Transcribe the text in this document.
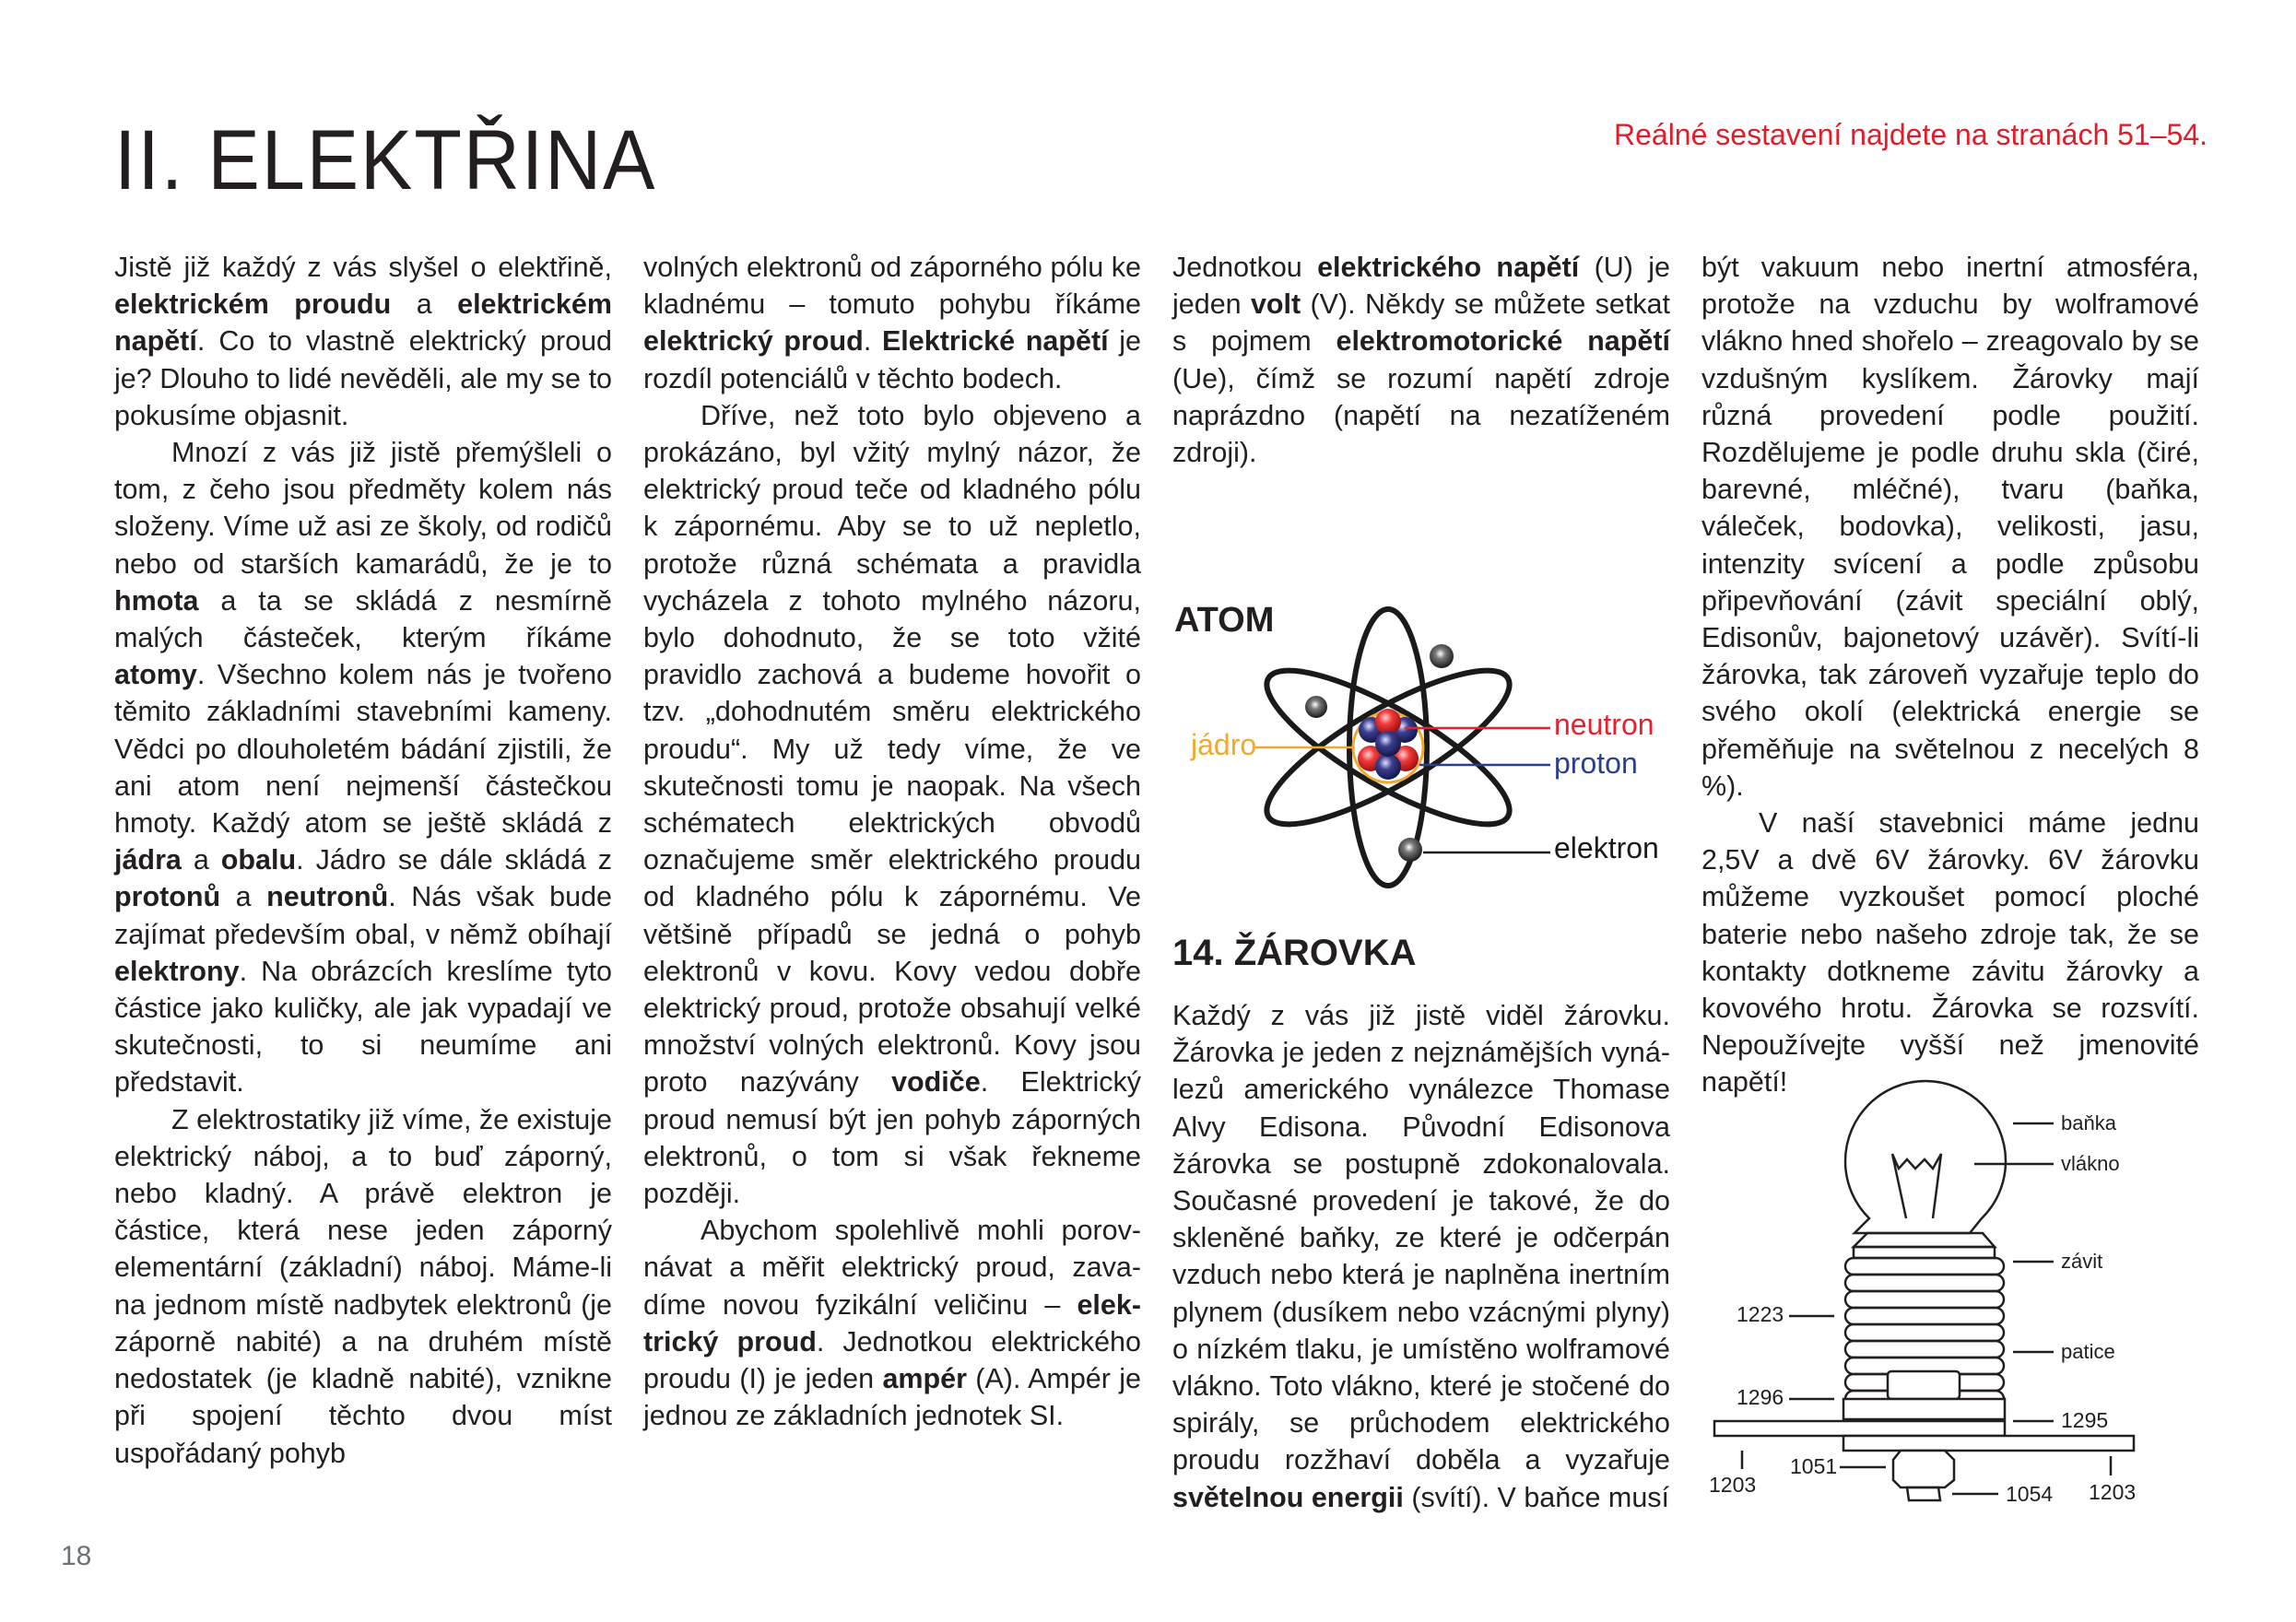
II. ELEKTŘINA	Reálné sestavení najdete na stranách 51–54.

Jistě již každý z vás slyšel o elektřině, elektrickém proudu a elektrickém napětí. Co to vlastně elektrický proud je? Dlouho to lidé nevěděli, ale my se to pokusíme objasnit.

Mnozí z vás již jistě přemýšleli o tom, z čeho jsou předměty kolem nás složeny. Víme už asi ze školy, od rodičů nebo od starších kamarádů, že je to hmota a ta se skládá z nesmírně malých částeček, kterým říkáme atomy. Všechno kolem nás je tvořeno těmito základními stavebními kameny. Vědci po dlouholetém bádání zjistili, že ani atom není nejmenší částečkou hmoty. Každý atom se ještě skládá z jádra a obalu. Jádro se dále skládá z protonů a neutronů. Nás však bude zajímat především obal, v němž obíhají elektrony. Na obrázcích kreslíme tyto částice jako kuličky, ale jak vypadají ve skutečnosti, to si neumíme ani představit.

Z elektrostatiky již víme, že existuje elektrický náboj, a to buď záporný, nebo kladný. A právě elektron je částice, která nese jeden záporný elementární (základní) náboj. Máme-li na jednom místě nadbytek elektronů (je záporně nabité) a na druhém místě nedostatek (je kladně nabité), vznikne při spojení těchto dvou míst uspořádaný pohyb

volných elektronů od záporného pólu ke kladnému – tomuto pohybu říkáme elektrický proud. Elektrické napětí je rozdíl potenciálů v těchto bodech.

Dříve, než toto bylo objeveno a prokázáno, byl vžitý mylný názor, že elektrický proud teče od kladného pólu k zápornému. Aby se to už nepletlo, protože různá schémata a pravidla vycházela z tohoto mylného názoru, bylo dohodnuto, že se toto vžité pravidlo zachová a budeme hovořit o tzv. „dohodnutém směru elektrického proudu“. My už tedy víme, že ve skutečnosti tomu je naopak. Na všech schématech elektrických obvodů označujeme směr elektrického proudu od kladného pólu k zápornému. Ve většině případů se jedná o pohyb elektronů v kovu. Kovy vedou dobře elektrický proud, protože obsahují velké množství volných elektronů. Kovy jsou proto nazývány vodiče. Elektrický proud nemusí být jen pohyb záporných elektronů, o tom si však řekneme později.

Abychom spolehlivě mohli porovnávat a měřit elektrický proud, zavadíme novou fyzikální veličinu – elektrický proud. Jednotkou elektrického proudu (I) je jeden ampér (A). Ampér je jednou ze základních jednotek SI.

Jednotkou elektrického napětí (U) je jeden volt (V). Někdy se můžete setkat s pojmem elektromotorické napětí (Ue), čímž se rozumí napětí zdroje naprázdno (napětí na nezatíženém zdroji).

ATOM
jádro
neutron
proton
elektron
14. ŽÁROVKA

Každý z vás již jistě viděl žárovku. Žárovka je jeden z nejznámějších vynálezů amerického vynálezce Thomase Alvy Edisona. Původní Edisonova žárovka se postupně zdokonalovala. Současné provedení je takové, že do skleněné baňky, ze které je odčerpán vzduch nebo která je naplněna inertním plynem (dusíkem nebo vzácnými plyny) o nízkém tlaku, je umístěno wolframové vlákno. Toto vlákno, které je stočené do spirály, se průchodem elektrického proudu rozžhaví doběla a vyzařuje světelnou energii (svítí). V baňce musí

být vakuum nebo inertní atmosféra, protože na vzduchu by wolframové vlákno hned shořelo – zreagovalo by se vzdušným kyslíkem. Žárovky mají různá provedení podle použití. Rozdělujeme je podle druhu skla (čiré, barevné, mléčné), tvaru (baňka, váleček, bodovka), velikosti, jasu, intenzity svícení a podle způsobu připevňování (závit speciální oblý, Edisonův, bajonetový uzávěr). Svítí-li žárovka, tak zároveň vyzařuje teplo do svého okolí (elektrická energie se přeměňuje na světelnou z necelých 8 %).

V naší stavebnici máme jednu 2,5V a dvě 6V žárovky. 6V žárovku můžeme vyzkoušet pomocí ploché baterie nebo našeho zdroje tak, že se kontakty dotkneme závitu žárovky a kovového hrotu. Žárovka se rozsvítí. Nepoužívejte vyšší než jmenovité napětí!

baňka
vlákno
závit
patice
1223
1296
1295
1051
1054
1203	1203
18
